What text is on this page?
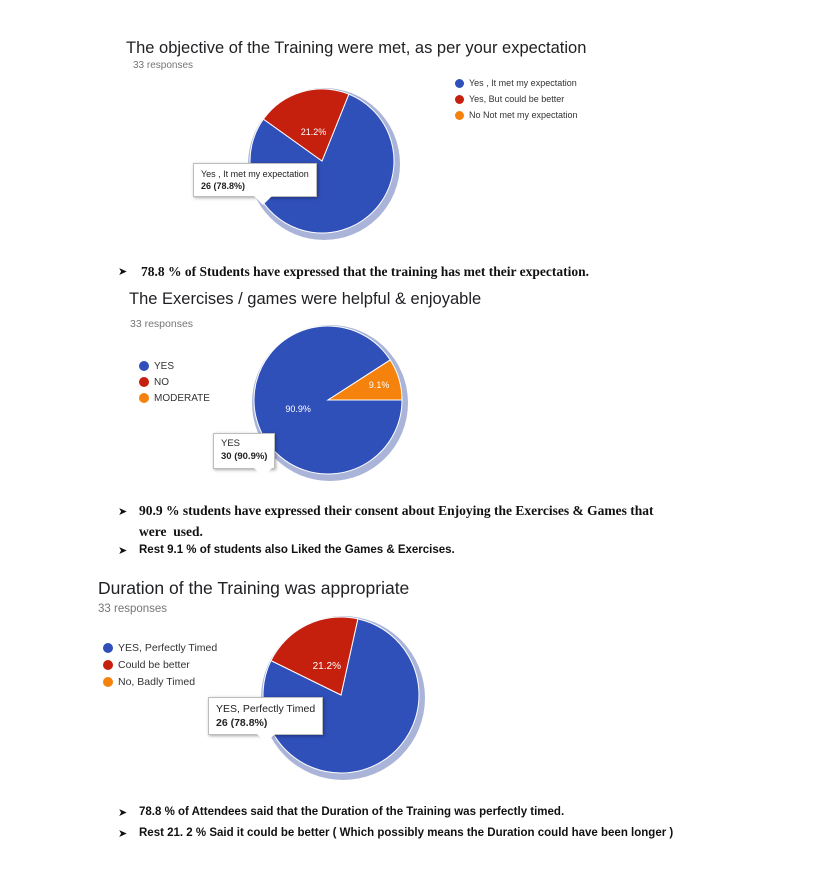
The objective of the Training were met, as per your expectation
33 responses
21.2%
Yes , It met my expectation
Yes, But could be better
No Not met my expectation
Yes , It met my expectation
26 (78.8%)
➤ 78.8 % of Students have expressed that the training has met their expectation.
The Exercises / games were helpful & enjoyable
33 responses
90.9%
9.1%
YES
NO
MODERATE
YES
30 (90.9%)
➤ 90.9 % students have expressed their consent about Enjoying the Exercises & Games that
were  used.
➤ Rest 9.1 % of students also Liked the Games & Exercises.
Duration of the Training was appropriate
33 responses
21.2%
YES, Perfectly Timed
Could be better
No, Badly Timed
YES, Perfectly Timed
26 (78.8%)
➤ 78.8 % of Attendees said that the Duration of the Training was perfectly timed.
➤ Rest 21. 2 % Said it could be better ( Which possibly means the Duration could have been longer )
